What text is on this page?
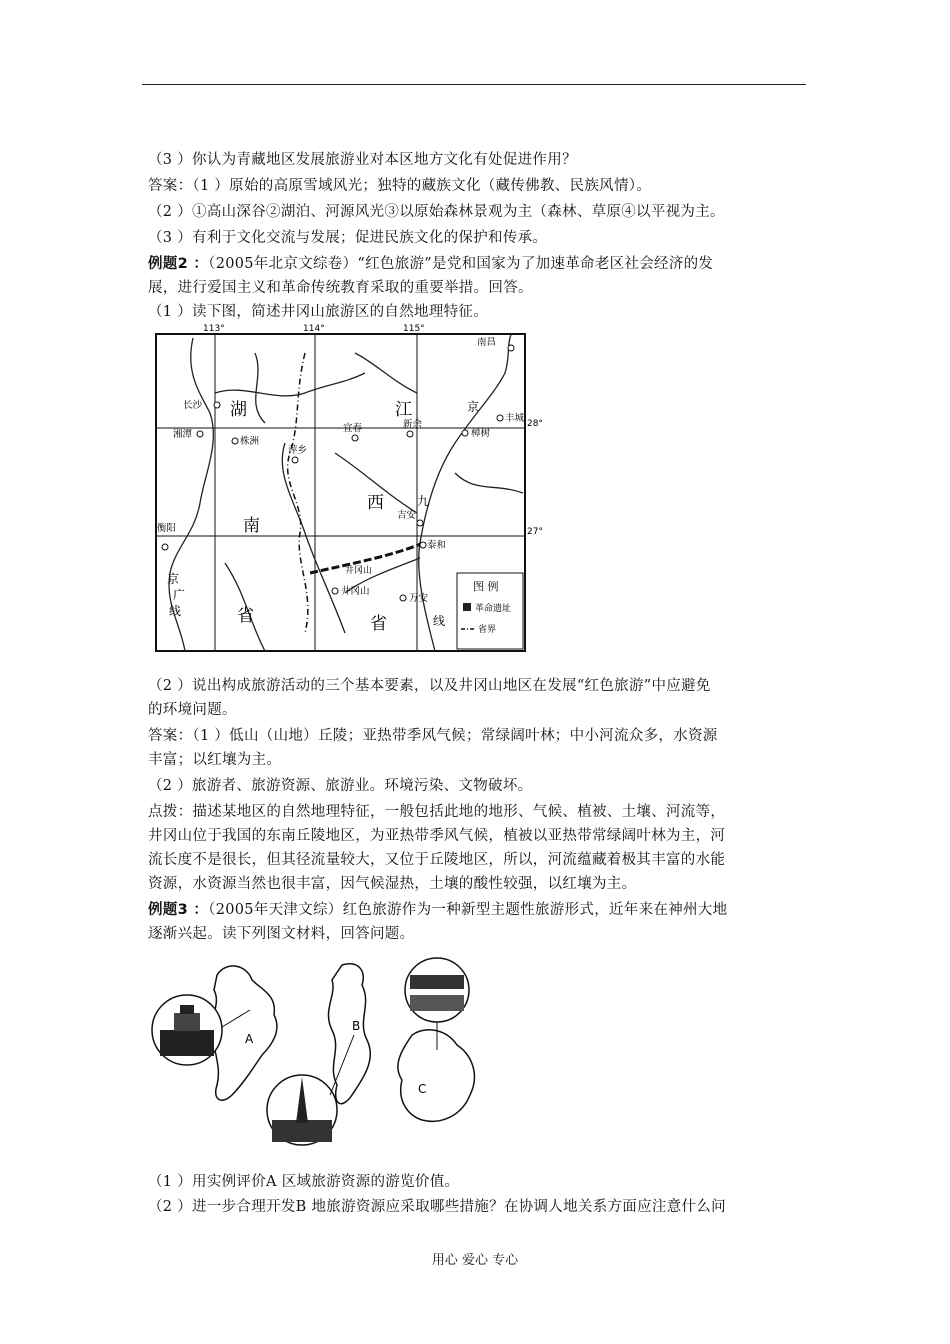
（3 ）你认为青藏地区发展旅游业对本区地方文化有处促进作用？
答案：（1 ）原始的高原雪域风光；独特的藏族文化（藏传佛教、民族风情）。
（2 ）①高山深谷②湖泊、河源风光③以原始森林景观为主（森林、草原④以平视为主。
（3 ）有利于文化交流与发展；促进民族文化的保护和传承。
例题2 ：（2005年北京文综卷）“红色旅游”是党和国家为了加速革命老区社会经济的发
展，进行爱国主义和革命传统教育采取的重要举措。回答。
（1 ）读下图，简述井冈山旅游区的自然地理特征。
113°	114°	115°
28°
27°
长沙
湘潭
株洲
萍乡
宜春	新余
樟树
南昌
丰城
吉安
泰和
井冈山
万安
衡阳
湖
南
省
江
西
省
京
九
线
京
广
线
井冈山
图 例
革命遗址
省界
（2 ）说出构成旅游活动的三个基本要素，以及井冈山地区在发展“红色旅游”中应避免
的环境问题。
答案：（1 ）低山（山地）丘陵；亚热带季风气候；常绿阔叶林；中小河流众多，水资源
丰富；以红壤为主。
（2 ）旅游者、旅游资源、旅游业。环境污染、文物破坏。
点拨：描述某地区的自然地理特征，一般包括此地的地形、气候、植被、土壤、河流等，
井冈山位于我国的东南丘陵地区，为亚热带季风气候，植被以亚热带常绿阔叶林为主，河
流长度不是很长，但其径流量较大，又位于丘陵地区，所以，河流蕴藏着极其丰富的水能
资源，水资源当然也很丰富，因气候湿热，土壤的酸性较强，以红壤为主。
例题3 ：（2005年天津文综）红色旅游作为一种新型主题性旅游形式，近年来在神州大地
逐渐兴起。读下列图文材料，回答问题。
A
B
C
（1 ）用实例评价A 区域旅游资源的游览价值。
（2 ）进一步合理开发B 地旅游资源应采取哪些措施？在协调人地关系方面应注意什么问
用心 爱心 专心
